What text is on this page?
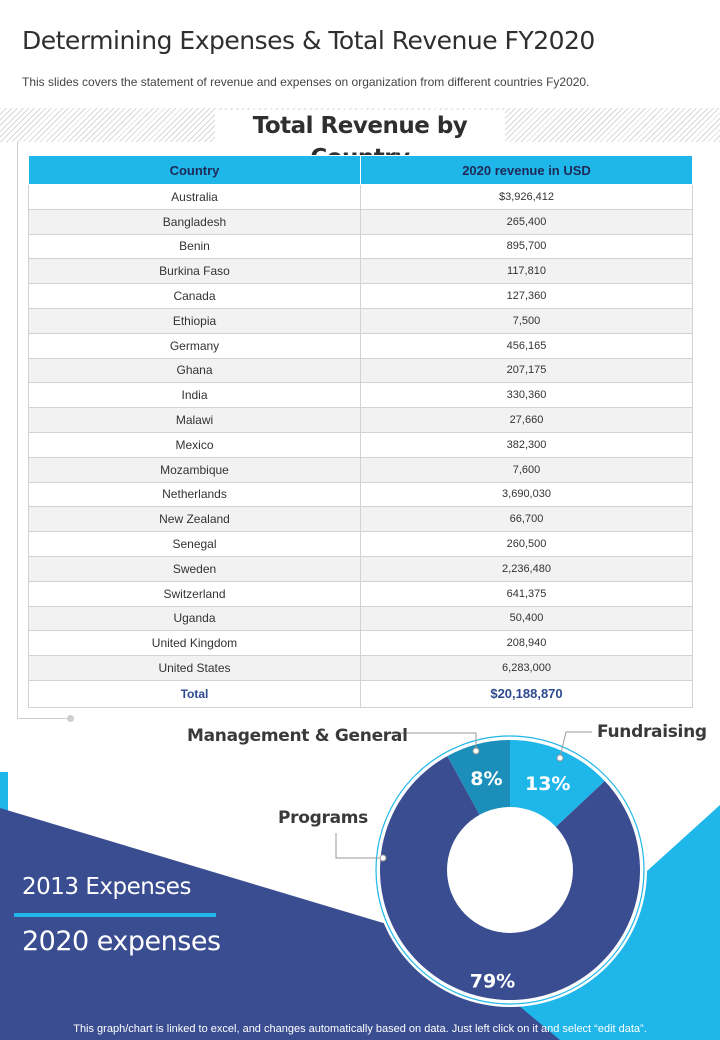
Determining Expenses & Total Revenue FY2020

This slides covers the statement of revenue and expenses on organization from different countries Fy2020.

Total Revenue by
Country	2020 revenue in USD
Australia	$3,926,412
Bangladesh	265,400
Benin	895,700
Burkina Faso	117,810
Canada	127,360
Ethiopia	7,500
Germany	456,165
Ghana	207,175
India	330,360
Malawi	27,660
Mexico	382,300
Mozambique	7,600
Netherlands	3,690,030
New Zealand	66,700
Senegal	260,500
Sweden	2,236,480
Switzerland	641,375
Uganda	50,400
United Kingdom	208,940
United States	6,283,000
Total	$20,188,870

2013 Expenses

2020 expenses

13%
79%
8%

Management & General	Fundraising

Programs

This graph/chart is linked to excel, and changes automatically based on data. Just left click on it and select “edit data”.
